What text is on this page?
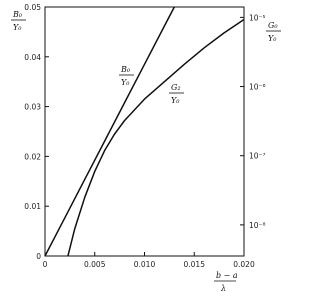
0	0.005	0.010	0.015	0.020
0
0.01
0.02
0.03
0.04
0.05
10⁻⁵
10⁻⁶
10⁻⁷
10⁻⁸
B₀
Y₀	G₀
Y₀
b − a
λ
B₀
Y₀
G₂
Y₀
